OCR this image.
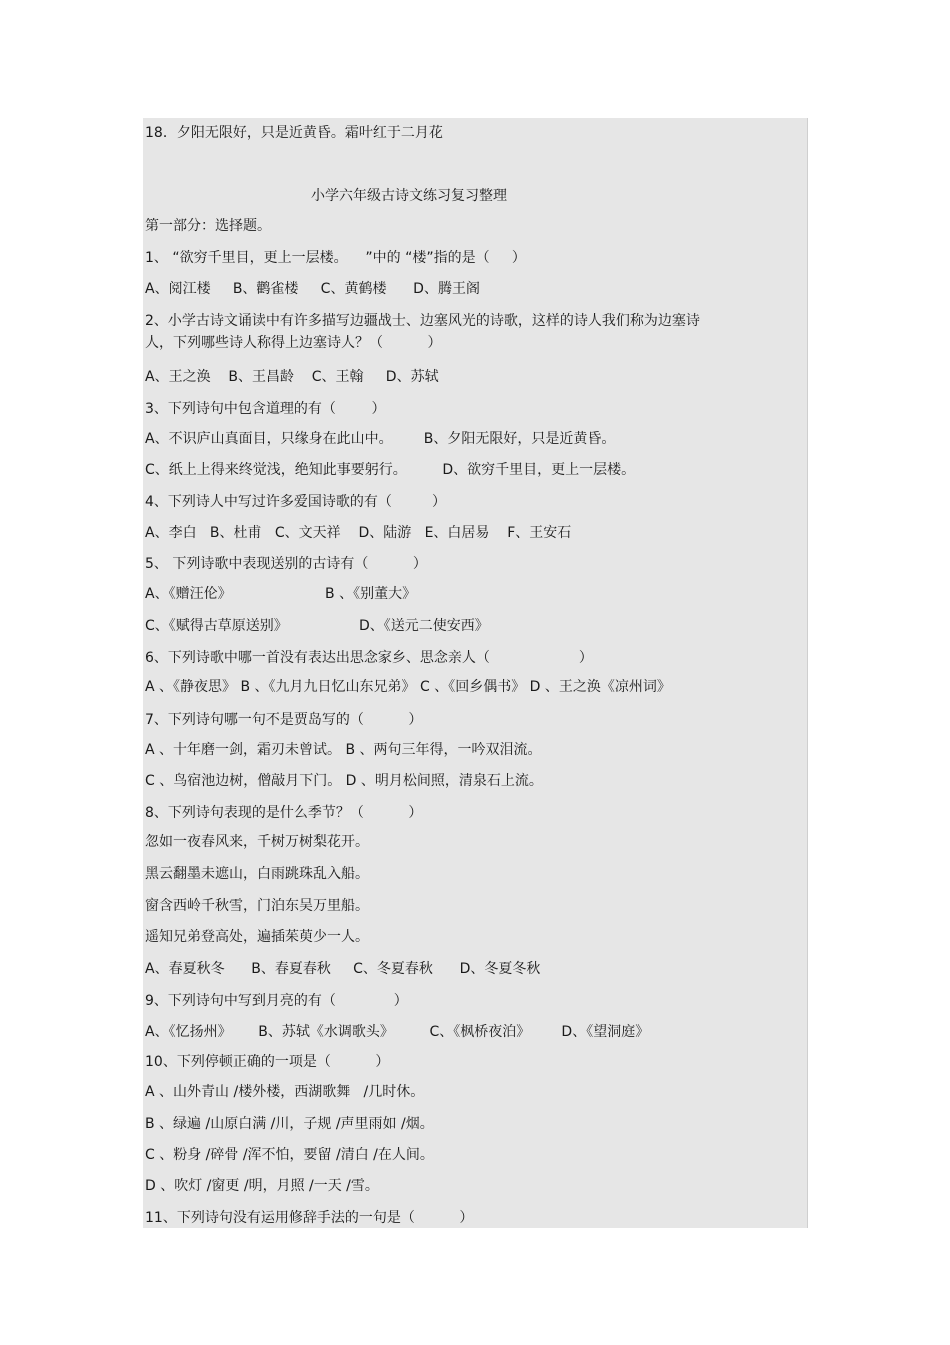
18．夕阳无限好，只是近黄昏。霜叶红于二月花
小学六年级古诗文练习复习整理
第一部分：选择题。
1、 “欲穷千里目，更上一层楼。    ”中的 “楼”指的是（     ）
A、阅江楼     B、鹳雀楼     C、黄鹤楼      D、腾王阁
2、小学古诗文诵读中有许多描写边疆战士、边塞风光的诗歌，这样的诗人我们称为边塞诗
人，下列哪些诗人称得上边塞诗人？（          ）
A、王之涣    B、王昌龄    C、王翰     D、苏轼
3、下列诗句中包含道理的有（        ）
A、不识庐山真面目，只缘身在此山中。       B、夕阳无限好，只是近黄昏。
C、纸上上得来终觉浅，绝知此事要躬行。        D、欲穷千里目，更上一层楼。
4、下列诗人中写过许多爱国诗歌的有（         ）
A、李白   B、杜甫   C、文天祥    D、陆游   E、白居易    F、王安石
5、 下列诗歌中表现送别的古诗有（          ）
A、《赠汪伦》                     B 、《别董大》
C、《赋得古草原送别》                D、《送元二使安西》
6、下列诗歌中哪一首没有表达出思念家乡、思念亲人（                    ）
A 、《静夜思》 B 、《九月九日忆山东兄弟》 C 、《回乡偶书》 D 、王之涣《凉州词》
7、下列诗句哪一句不是贾岛写的（          ）
A 、十年磨一剑，霜刃未曾试。 B 、两句三年得，一吟双泪流。
C 、鸟宿池边树，僧敲月下门。 D 、明月松间照，清泉石上流。
8、下列诗句表现的是什么季节？（          ）
忽如一夜春风来，千树万树梨花开。
黑云翻墨未遮山，白雨跳珠乱入船。
窗含西岭千秋雪，门泊东吴万里船。
遥知兄弟登高处，遍插茱萸少一人。
A、春夏秋冬      B、春夏春秋     C、冬夏春秋      D、冬夏冬秋
9、下列诗句中写到月亮的有（             ）
A、《忆扬州》      B、苏轼《水调歌头》        C、《枫桥夜泊》       D、《望洞庭》
10、下列停顿正确的一项是（          ）
A 、山外青山 /楼外楼，西湖歌舞   /几时休。
B 、绿遍 /山原白满 /川，子规 /声里雨如 /烟。
C 、粉身 /碎骨 /浑不怕，要留 /清白 /在人间。
D 、吹灯 /窗更 /明，月照 /一天 /雪。
11、下列诗句没有运用修辞手法的一句是（          ）
